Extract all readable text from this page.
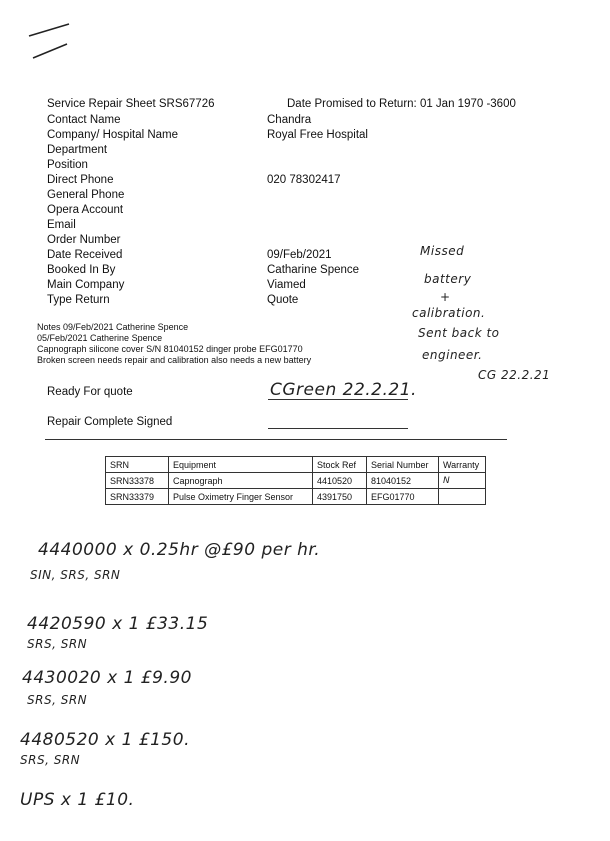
Service Repair Sheet SRS67726	Date Promised to Return: 01 Jan 1970 -3600
Contact Name	Chandra
Company/ Hospital Name	Royal Free Hospital
Department
Position
Direct Phone	020 78302417
General Phone
Opera Account
Email
Order Number
Date Received	09/Feb/2021
Booked In By	Catharine Spence
Main Company	Viamed
Type Return	Quote
Missed
battery
+
calibration.
Sent back to
engineer.
CG 22.2.21
Notes 09/Feb/2021 Catherine Spence
05/Feb/2021 Catherine Spence
Capnograph silicone cover S/N 81040152 dinger probe EFG01770
Broken screen needs repair and calibration also needs a new battery
Ready For quote	CGreen 22.2.21.
Repair Complete Signed
SRN	Equipment	Stock Ref	Serial Number	Warranty
SRN33378	Capnograph	4410520	81040152	N
SRN33379	Pulse Oximetry Finger Sensor	4391750	EFG01770	
4440000 x 0.25hr @£90 per hr.
SIN, SRS, SRN
4420590 x 1 £33.15
SRS, SRN
4430020 x 1 £9.90
SRS, SRN
4480520 x 1 £150.
SRS, SRN
UPS x 1 £10.
